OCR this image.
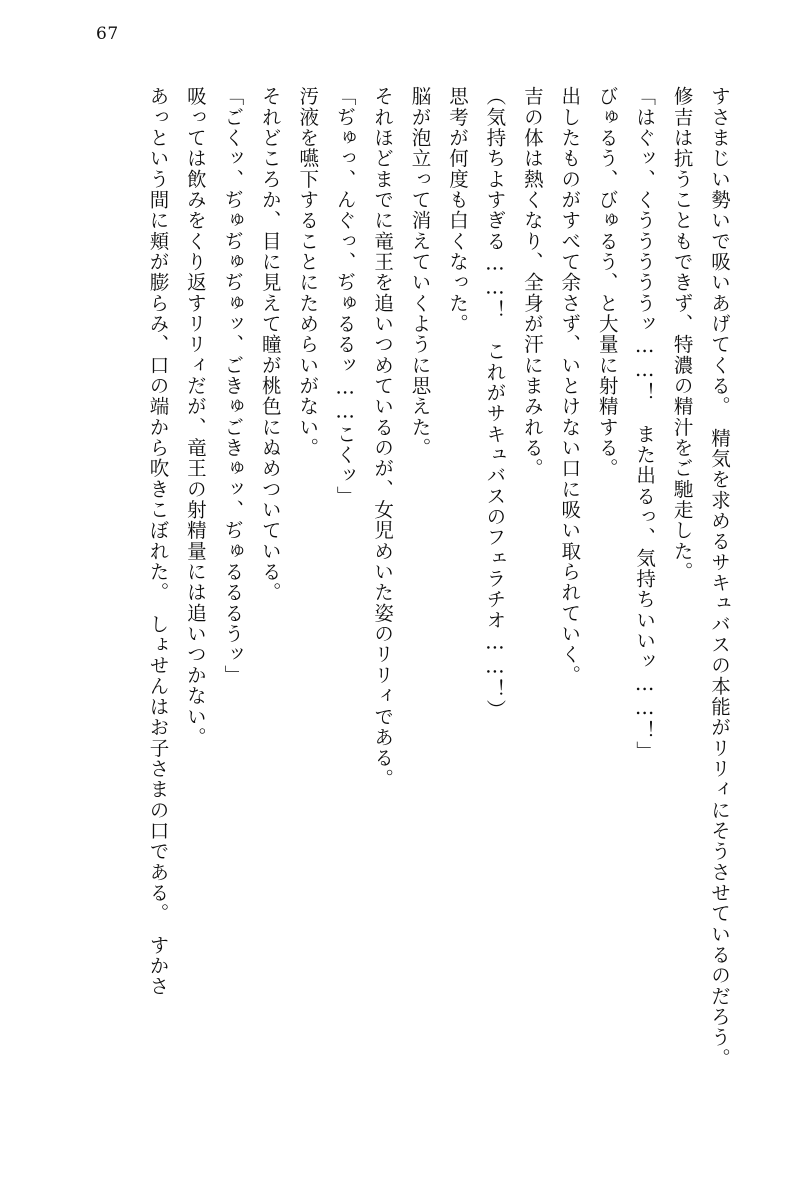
67

すさまじい勢いで吸いあげてくる。　精気を求めるサキュバスの本能がリリィにそうさせているのだろう。

修吉は抗うこともできず、特濃の精汁をご馳走した。

「はぐッ、くうううううッ……！　また出るっ、気持ちいいッ……！」

びゅるう、びゅるう、と大量に射精する。

出したものがすべて余さず、いとけない口に吸い取られていく。

吉の体は熱くなり、全身が汗にまみれる。

（気持ちよすぎる……！　これがサキュバスのフェラチオ……！）

思考が何度も白くなった。

脳が泡立って消えていくように思えた。

それほどまでに竜王を追いつめているのが、女児めいた姿のリリィである。

「ぢゅっ、んぐっ、ぢゅるるッ……こくッ」

汚液を嚥下することにためらいがない。

それどころか、目に見えて瞳が桃色にぬめついている。

「ごくッ、ぢゅぢゅぢゅッ、ごきゅごきゅッ、ぢゅるるるうッ」

吸っては飲みをくり返すリリィだが、竜王の射精量には追いつかない。

あっという間に頬が膨らみ、口の端から吹きこぼれた。　しょせんはお子さまの口である。　すかさ
